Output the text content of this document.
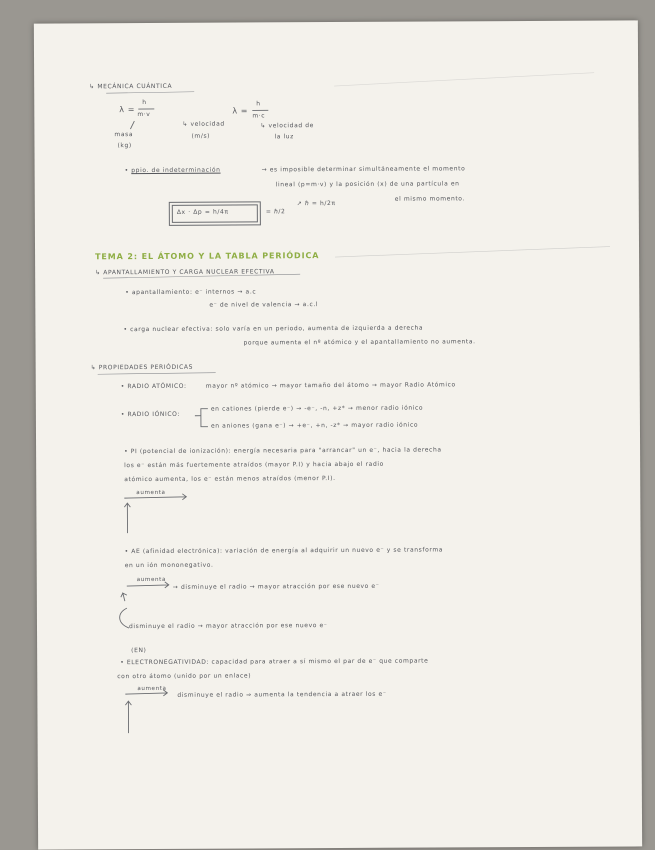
↳ MECÁNICA CUÁNTICA
λ =
h
m·v
↳ velocidad
(m/s)
masa
(kg)
λ =
h
m·c
↳ velocidad de
la luz
• ppio. de indeterminación	→ es imposible determinar simultáneamente el momento
lineal (p=m·v) y la posición (x) de una partícula en
el mismo momento.
Δx · Δp = h/4π	= ℏ/2
↗ ℏ = h/2π
TEMA 2: EL ÁTOMO Y LA TABLA PERIÓDICA
↳ APANTALLAMIENTO Y CARGA NUCLEAR EFECTIVA
• apantallamiento: e⁻ internos → a.c
e⁻ de nivel de valencia → a.c.l
• carga nuclear efectiva: solo varía en un periodo, aumenta de izquierda a derecha
porque aumenta el nº atómico y el apantallamiento no aumenta.
↳ PROPIEDADES PERIÓDICAS
• RADIO ATÓMICO:	mayor nº atómico → mayor tamaño del átomo → mayor Radio Atómico
• RADIO IÓNICO:
en cationes (pierde e⁻) → -e⁻, -n, +z* → menor radio iónico
en aniones (gana e⁻) → +e⁻, +n, -z* → mayor radio iónico
• PI (potencial de ionización): energía necesaria para "arrancar" un e⁻, hacia la derecha
los e⁻ están más fuertemente atraídos (mayor P.I) y hacia abajo el radio
atómico aumenta, los e⁻ están menos atraídos (menor P.I).
aumenta
• AE (afinidad electrónica): variación de energía al adquirir un nuevo e⁻ y se transforma
en un ión mononegativo.
aumenta
→ disminuye el radio → mayor atracción por ese nuevo e⁻
disminuye el radio → mayor atracción por ese nuevo e⁻
(EN)
• ELECTRONEGATIVIDAD: capacidad para atraer a sí mismo el par de e⁻ que comparte
con otro átomo (unido por un enlace)
aumenta
disminuye el radio ⇒ aumenta la tendencia a atraer los e⁻
